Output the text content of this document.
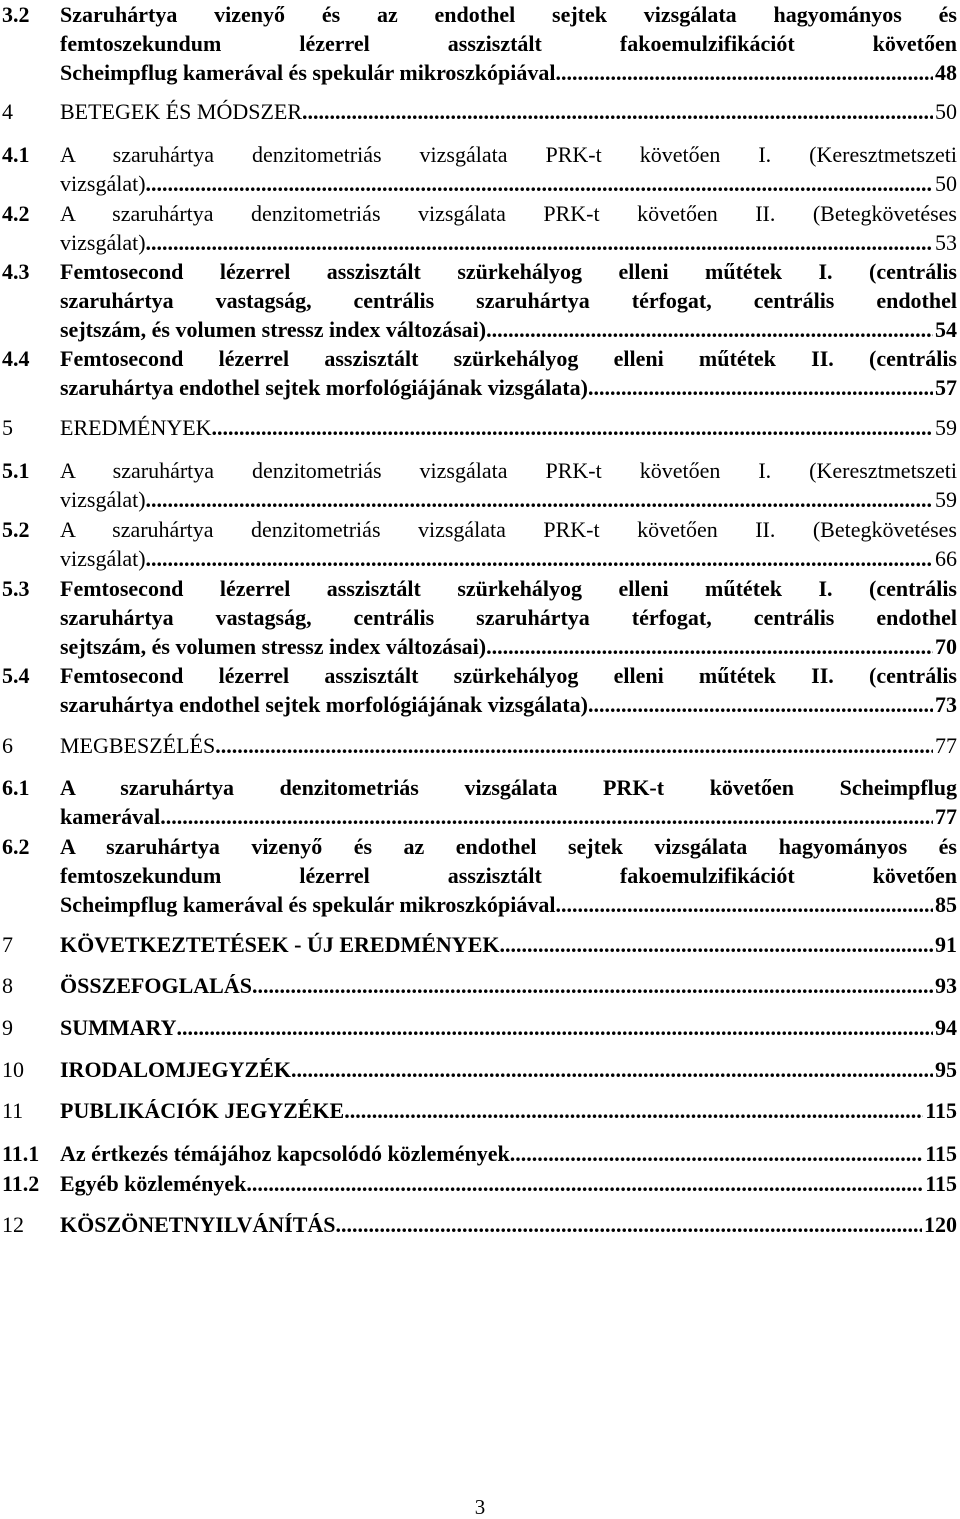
3.2 Szaruhártya vizenyő és az endothel sejtek vizsgálata hagyományos és
femtoszekundum lézerrel asszisztált fakoemulzifikációt követően
Scheimpflug kamerával és spekulár mikroszkópiával .....	48
4 BETEGEK ÉS MÓDSZER .....	50
4.1 A szaruhártya denzitometriás vizsgálata PRK-t követően I. (Keresztmetszeti
vizsgálat) .....	50
4.2 A szaruhártya denzitometriás vizsgálata PRK-t követően II. (Betegkövetéses
vizsgálat) .....	53
4.3 Femtosecond lézerrel asszisztált szürkehályog elleni műtétek I. (centrális
szaruhártya vastagság, centrális szaruhártya térfogat, centrális endothel
sejtszám, és volumen stressz index változásai) .....	54
4.4 Femtosecond lézerrel asszisztált szürkehályog elleni műtétek II. (centrális
szaruhártya endothel sejtek morfológiájának vizsgálata) .....	57
5 EREDMÉNYEK .....	59
5.1 A szaruhártya denzitometriás vizsgálata PRK-t követően I. (Keresztmetszeti
vizsgálat) .....	59
5.2 A szaruhártya denzitometriás vizsgálata PRK-t követően II. (Betegkövetéses
vizsgálat) .....	66
5.3 Femtosecond lézerrel asszisztált szürkehályog elleni műtétek I. (centrális
szaruhártya vastagság, centrális szaruhártya térfogat, centrális endothel
sejtszám, és volumen stressz index változásai) .....	70
5.4 Femtosecond lézerrel asszisztált szürkehályog elleni műtétek II. (centrális
szaruhártya endothel sejtek morfológiájának vizsgálata) .....	73
6 MEGBESZÉLÉS .....	77
6.1 A szaruhártya denzitometriás vizsgálata PRK-t követően Scheimpflug
kamerával .....	77
6.2 A szaruhártya vizenyő és az endothel sejtek vizsgálata hagyományos és
femtoszekundum lézerrel asszisztált fakoemulzifikációt követően
Scheimpflug kamerával és spekulár mikroszkópiával .....	85
7 KÖVETKEZTETÉSEK - ÚJ EREDMÉNYEK .....	91
8 ÖSSZEFOGLALÁS .....	93
9 SUMMARY .....	94
10 IRODALOMJEGYZÉK .....	95
11 PUBLIKÁCIÓK JEGYZÉKE .....	115
11.1 Az értkezés témájához kapcsolódó közlemények .....	115
11.2 Egyéb közlemények .....	115
12 KÖSZÖNETNYILVÁNÍTÁS .....	120
3
